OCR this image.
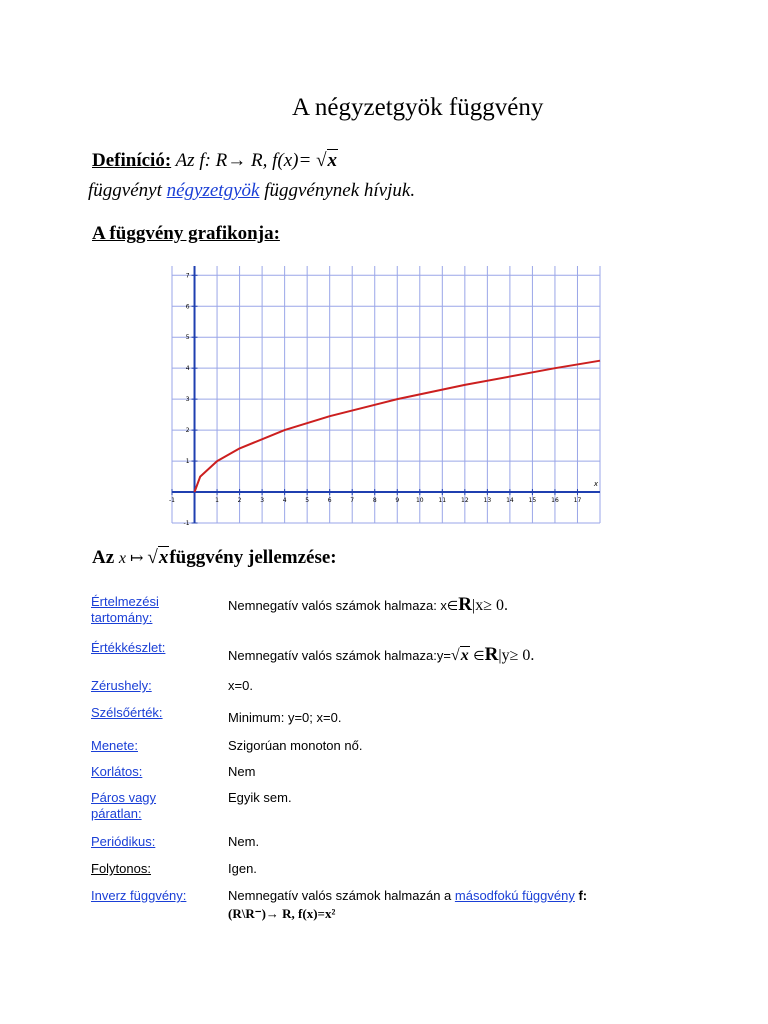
A négyzetgyök függvény
Definíció: Az f: R→ R, f(x)= √x
függvényt négyzetgyök függvénynek hívjuk.
A függvény grafikonja:
-1	1	2	3	4	5	6	7	8	9	10 11 12 13 14 15 16 17
-1
1
2
3
4
5
6
7
x
Az x ↦ √xfüggvény jellemzése:
Értelmezési tartomány:
Nemnegatív valós számok halmaza: x∈R|x≥ 0.
Értékkészlet:
Nemnegatív valós számok halmaza:y=√x ∈R|y≥ 0.
Zérushely:	x=0.
Szélsőérték:	Minimum: y=0; x=0.
Menete:	Szigorúan monoton nő.
Korlátos:	Nem
Páros vagy páratlan:
Egyik sem.
Periódikus:	Nem.
Folytonos:	Igen.
Inverz függvény:	Nemnegatív valós számok halmazán a másodfokú függvény f:
(R\R⁻)→ R, f(x)=x²
